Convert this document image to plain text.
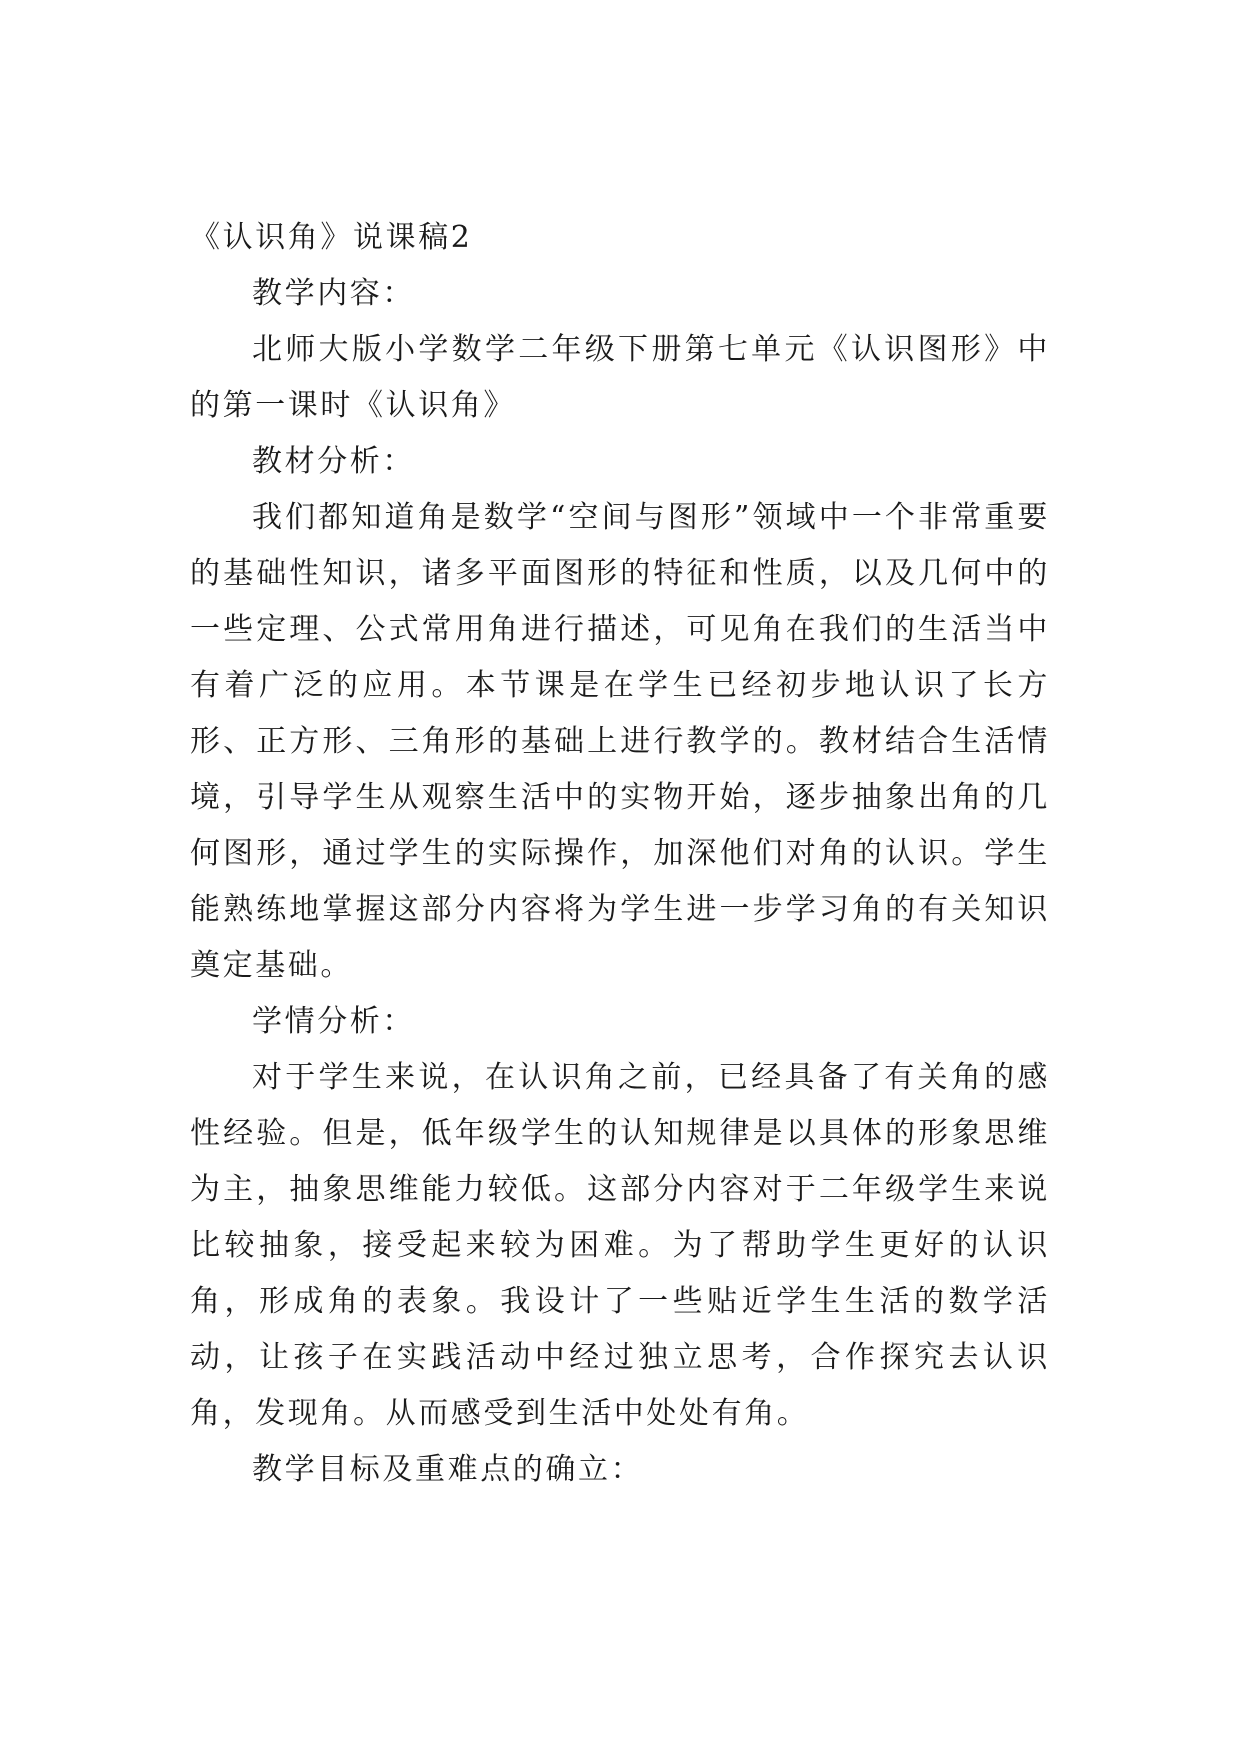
《认识角》说课稿2

教学内容：

北师大版小学数学二年级下册第七单元《认识图形》中的第一课时《认识角》

教材分析：

我们都知道角是数学“空间与图形”领域中一个非常重要的基础性知识，诸多平面图形的特征和性质，以及几何中的一些定理、公式常用角进行描述，可见角在我们的生活当中有着广泛的应用。本节课是在学生已经初步地认识了长方形、正方形、三角形的基础上进行教学的。教材结合生活情境，引导学生从观察生活中的实物开始，逐步抽象出角的几何图形，通过学生的实际操作，加深他们对角的认识。学生能熟练地掌握这部分内容将为学生进一步学习角的有关知识奠定基础。

学情分析：

对于学生来说，在认识角之前，已经具备了有关角的感性经验。但是，低年级学生的认知规律是以具体的形象思维为主，抽象思维能力较低。这部分内容对于二年级学生来说比较抽象，接受起来较为困难。为了帮助学生更好的认识角，形成角的表象。我设计了一些贴近学生生活的数学活动，让孩子在实践活动中经过独立思考，合作探究去认识角，发现角。从而感受到生活中处处有角。

教学目标及重难点的确立：
